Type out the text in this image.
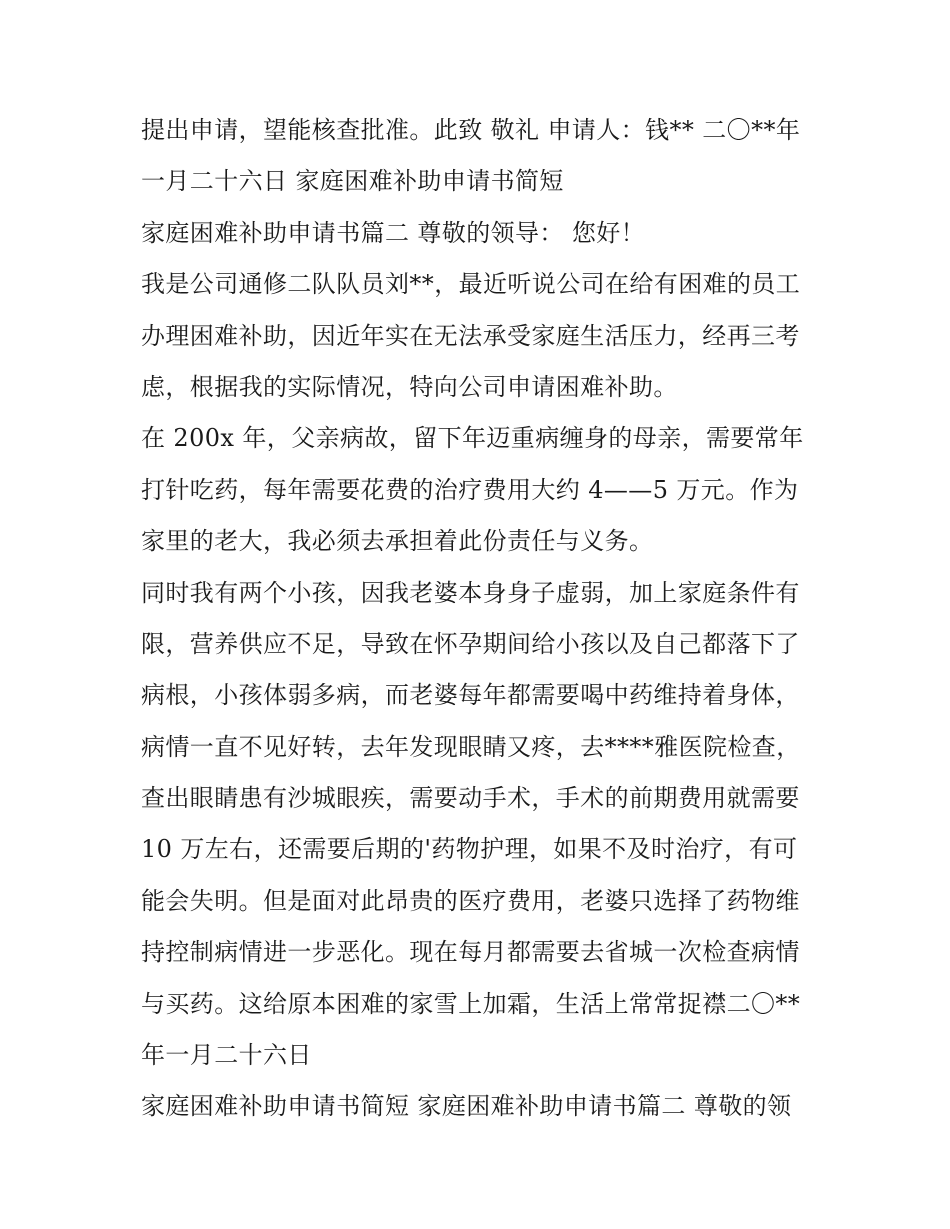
提出申请，望能核查批准。此致 敬礼 申请人：钱** 二〇**年
一月二十六日 家庭困难补助申请书简短
家庭困难补助申请书篇二 尊敬的领导： 您好！
我是公司通修二队队员刘**，最近听说公司在给有困难的员工
办理困难补助，因近年实在无法承受家庭生活压力，经再三考
虑，根据我的实际情况，特向公司申请困难补助。
在 200x 年，父亲病故，留下年迈重病缠身的母亲，需要常年
打针吃药，每年需要花费的治疗费用大约 4——5 万元。作为
家里的老大，我必须去承担着此份责任与义务。
同时我有两个小孩，因我老婆本身身子虚弱，加上家庭条件有
限，营养供应不足，导致在怀孕期间给小孩以及自己都落下了
病根，小孩体弱多病，而老婆每年都需要喝中药维持着身体，
病情一直不见好转，去年发现眼睛又疼，去****雅医院检查，
查出眼睛患有沙城眼疾，需要动手术，手术的前期费用就需要
10 万左右，还需要后期的'药物护理，如果不及时治疗，有可
能会失明。但是面对此昂贵的医疗费用，老婆只选择了药物维
持控制病情进一步恶化。现在每月都需要去省城一次检查病情
与买药。这给原本困难的家雪上加霜，生活上常常捉襟二〇**
年一月二十六日
家庭困难补助申请书简短 家庭困难补助申请书篇二 尊敬的领
